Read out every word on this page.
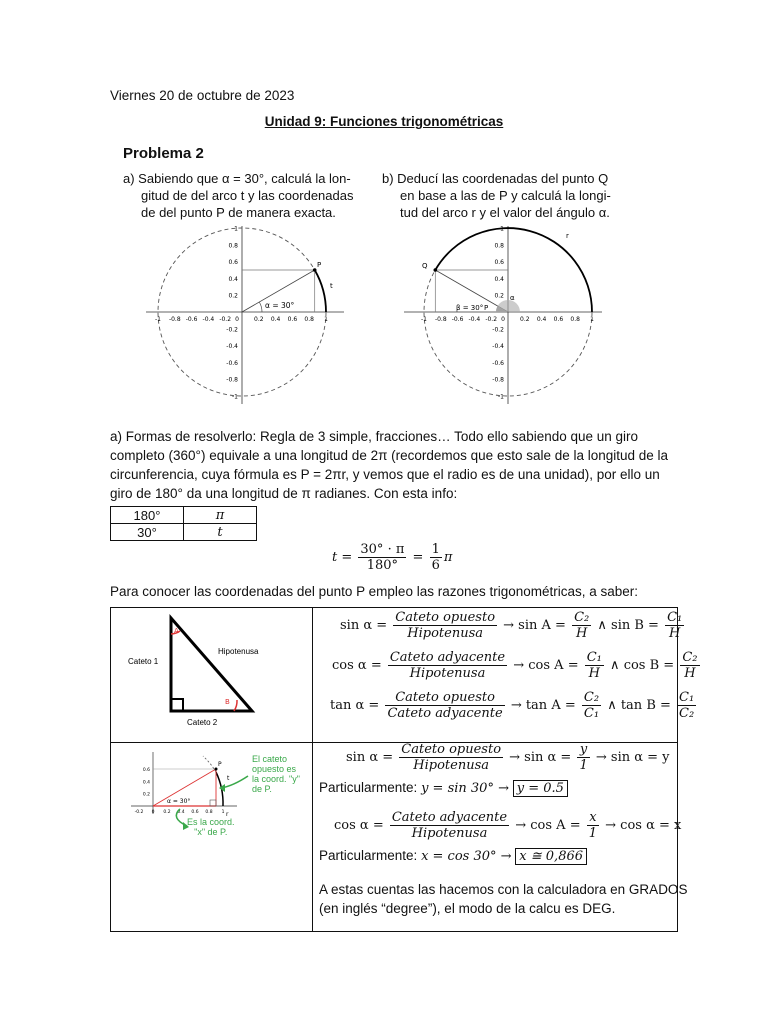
Viernes 20 de octubre de 2023
Unidad 9: Funciones trigonométricas
Problema 2
a) Sabiendo que α = 30°, calculá la lon-
gitud de del arco t y las coordenadas
de del punto P de manera exacta.
b) Deducí las coordenadas del punto Q
en base a las de P y calculá la longi-
tud del arco r y el valor del ángulo α.
-1 -0.8 -0.6 -0.4 -0.2	0.2 0.4 0.6 0.8 1
1
0.8
0.6
0.4
0.2
-0.2
-0.4
-0.6
-0.8
-1
0
α = 30°
P
t
-1 -0.8 -0.6 -0.4 -0.2	0.2 0.4 0.6 0.8 1
1
0.8
0.6
0.4
0.2
-0.2
-0.4
-0.6
-0.8
-1
0
Q
P
r
β = 30°
α
a) Formas de resolverlo: Regla de 3 simple, fracciones… Todo ello sabiendo que un giro
completo (360°) equivale a una longitud de 2π (recordemos que esto sale de la longitud de la
circunferencia, cuya fórmula es P = 2πr, y vemos que el radio es de una unidad), por ello un
giro de 180° da una longitud de π radianes. Con esta info:
180°	π
30°	t
$t = \frac{30^\circ \cdot \pi}{180^\circ} = \frac{1}{6}$ π
Para conocer las coordenadas del punto P empleo las razones trigonométricas, a saber:
A
B
Hipotenusa
Cateto 1
Cateto 2
$\sin \alpha = \frac{\text{Cateto opuesto}}{\text{Hipotenusa}} \to \sin A = \frac{\text{C₂}}{H}$ ∧ $\sin B = \frac{\text{C₁}}{H}$
$\cos \alpha = \frac{\text{Cateto adyacente}}{\text{Hipotenusa}} \to \cos A = \frac{\text{C₁}}{H}$ ∧ $\cos B = \frac{\text{C₂}}{H}$
$\tan \alpha = \frac{\text{Cateto opuesto}}{\text{Cateto adyacente}} \to \tan A = \frac{\text{C₂}}{\text{C₁}}$ ∧ $\tan B = \frac{\text{C₁}}{\text{C₂}}$
-0.2 0 0.2 0.4 0.6 0.8 1
0.6
0.4
0.2
α = 30°
P
t
r
El cateto
opuesto es
la coord. "y"
de P.
Es la coord.
"x" de P.
$\sin \alpha = \frac{\text{Cateto opuesto}}{\text{Hipotenusa}} \to \sin \alpha = \frac{y}{1} \to \sin \alpha = y$
Particularmente: y = sin 30° → y = 0.5
$\cos \alpha = \frac{\text{Cateto adyacente}}{\text{Hipotenusa}} \to \cos A = \frac{x}{1} \to \cos \alpha = x$
Particularmente: x = cos 30° → x ≅ 0,866
A estas cuentas las hacemos con la calculadora en GRADOS
(en inglés “degree”), el modo de la calcu es DEG.
